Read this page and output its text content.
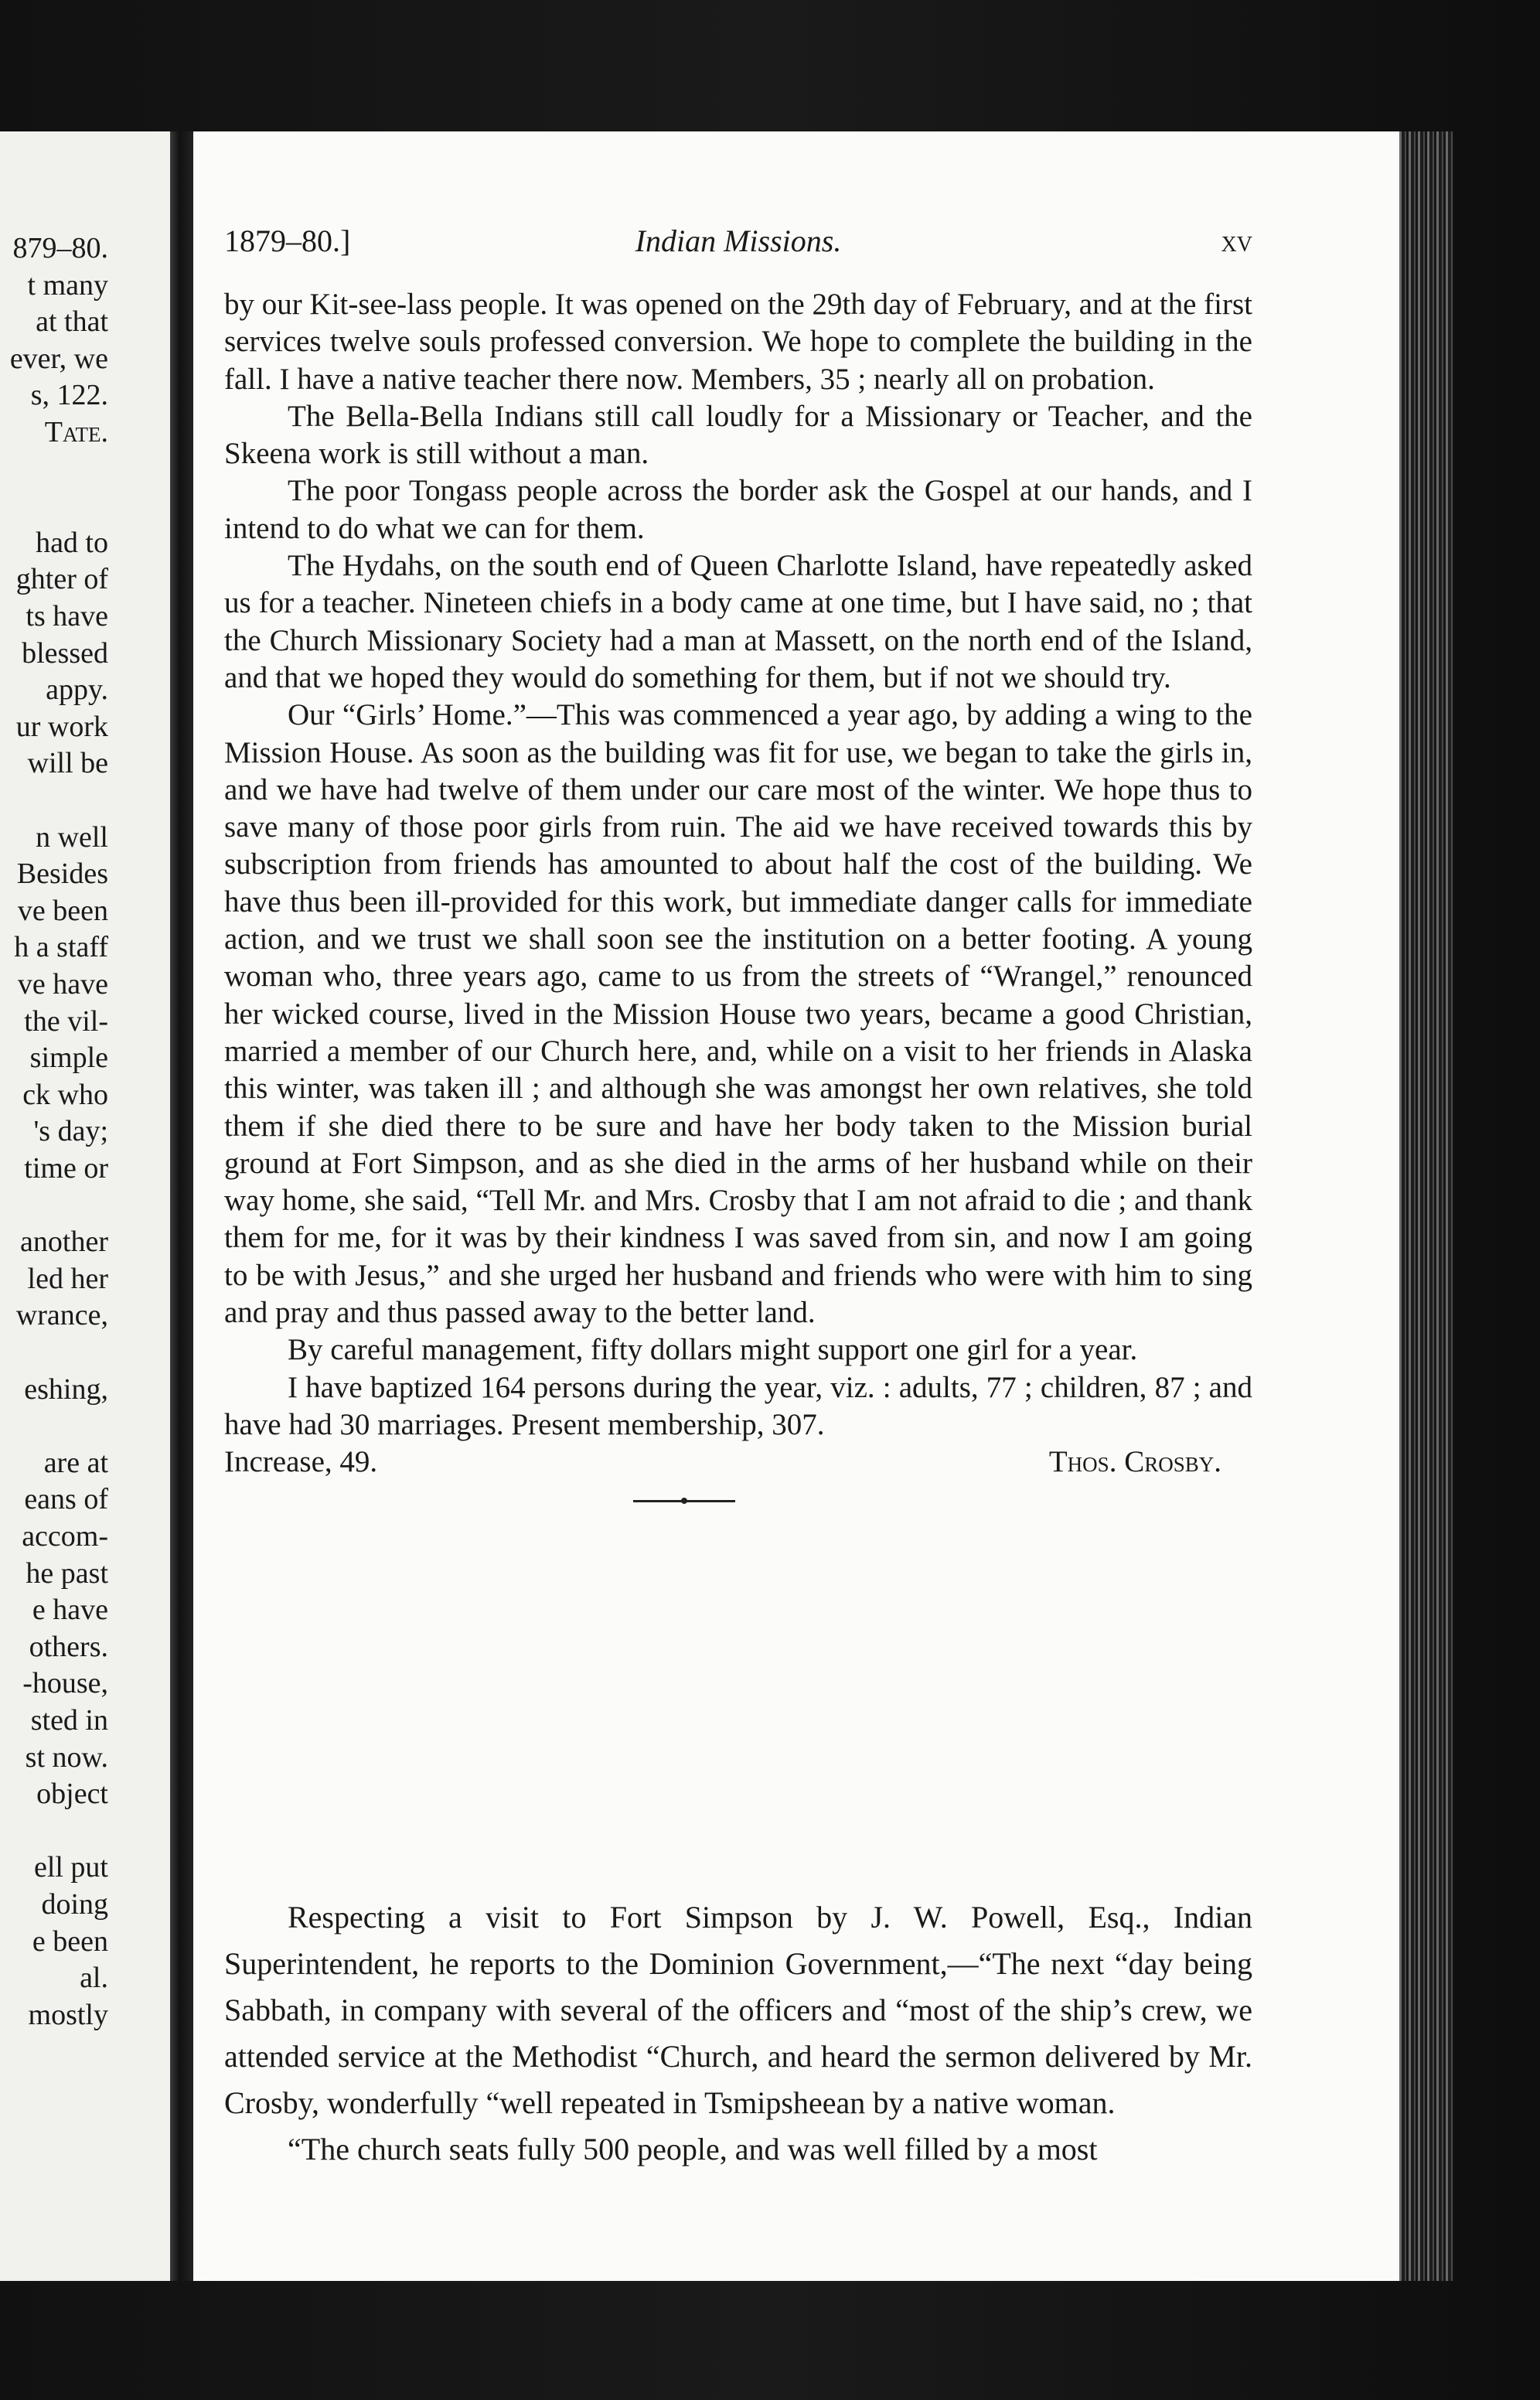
879–80.
t many
at that
ever, we
s, 122.
Tate.
had to
ghter of
ts have
blessed
appy.
ur work
will be
n well
Besides
ve been
h a staff
ve have
the vil-
simple
ck who
's day;
time or
another
led her
wrance,
eshing,
are at
eans of
accom-
he past
e have
others.
-house,
sted in
st now.
object
ell put
doing
e been
al.
mostly
1879–80.]	Indian Missions.	xv

by our Kit-see-lass people. It was opened on the 29th day of February, and at the first services twelve souls professed conversion. We hope to complete the building in the fall. I have a native teacher there now. Members, 35 ; nearly all on probation.

The Bella-Bella Indians still call loudly for a Missionary or Teacher, and the Skeena work is still without a man.

The poor Tongass people across the border ask the Gospel at our hands, and I intend to do what we can for them.

The Hydahs, on the south end of Queen Charlotte Island, have repeatedly asked us for a teacher. Nineteen chiefs in a body came at one time, but I have said, no ; that the Church Missionary Society had a man at Massett, on the north end of the Island, and that we hoped they would do something for them, but if not we should try.

Our “Girls’ Home.”—This was commenced a year ago, by adding a wing to the Mission House. As soon as the building was fit for use, we began to take the girls in, and we have had twelve of them under our care most of the winter. We hope thus to save many of those poor girls from ruin. The aid we have received towards this by subscription from friends has amounted to about half the cost of the building. We have thus been ill-provided for this work, but immediate danger calls for immediate action, and we trust we shall soon see the institution on a better footing. A young woman who, three years ago, came to us from the streets of “Wrangel,” renounced her wicked course, lived in the Mission House two years, became a good Christian, married a member of our Church here, and, while on a visit to her friends in Alaska this winter, was taken ill ; and although she was amongst her own relatives, she told them if she died there to be sure and have her body taken to the Mission burial ground at Fort Simpson, and as she died in the arms of her husband while on their way home, she said, “Tell Mr. and Mrs. Crosby that I am not afraid to die ; and thank them for me, for it was by their kindness I was saved from sin, and now I am going to be with Jesus,” and she urged her husband and friends who were with him to sing and pray and thus passed away to the better land.

By careful management, fifty dollars might support one girl for a year.

I have baptized 164 persons during the year, viz. : adults, 77 ; children, 87 ; and have had 30 marriages. Present membership, 307.

Increase, 49.	Thos. Crosby.

Respecting a visit to Fort Simpson by J. W. Powell, Esq., Indian Superintendent, he reports to the Dominion Government,—“The next “day being Sabbath, in company with several of the officers and “most of the ship’s crew, we attended service at the Methodist “Church, and heard the sermon delivered by Mr. Crosby, wonderfully “well repeated in Tsmipsheean by a native woman.

“The church seats fully 500 people, and was well filled by a most
